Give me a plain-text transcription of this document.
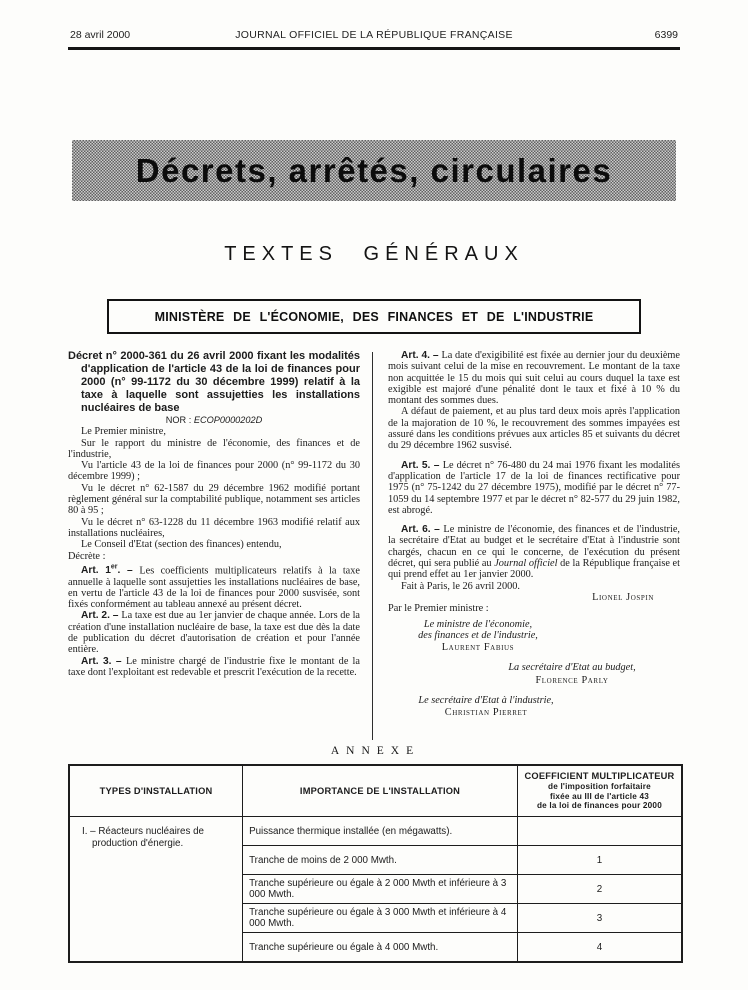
28 avril 2000	JOURNAL OFFICIEL DE LA RÉPUBLIQUE FRANÇAISE	6399
Décrets, arrêtés, circulaires
TEXTES GÉNÉRAUX
MINISTÈRE DE L'ÉCONOMIE, DES FINANCES ET DE L'INDUSTRIE

Décret n° 2000-361 du 26 avril 2000 fixant les modalités d'application de l'article 43 de la loi de finances pour 2000 (n° 99-1172 du 30 décembre 1999) relatif à la taxe à laquelle sont assujetties les installations nucléaires de base

NOR : ECOP0000202D

Le Premier ministre,

Sur le rapport du ministre de l'économie, des finances et de l'industrie,

Vu l'article 43 de la loi de finances pour 2000 (n° 99-1172 du 30 décembre 1999) ;

Vu le décret n° 62-1587 du 29 décembre 1962 modifié portant règlement général sur la comptabilité publique, notamment ses articles 80 à 95 ;

Vu le décret n° 63-1228 du 11 décembre 1963 modifié relatif aux installations nucléaires,

Le Conseil d'Etat (section des finances) entendu,

Décrète :

Art. 1er. – Les coefficients multiplicateurs relatifs à la taxe annuelle à laquelle sont assujetties les installations nucléaires de base, en vertu de l'article 43 de la loi de finances pour 2000 susvisée, sont fixés conformément au tableau annexé au présent décret.

Art. 2. – La taxe est due au 1er janvier de chaque année. Lors de la création d'une installation nucléaire de base, la taxe est due dès la date de publication du décret d'autorisation de création et pour l'année entière.

Art. 3. – Le ministre chargé de l'industrie fixe le montant de la taxe dont l'exploitant est redevable et prescrit l'exécution de la recette.

Art. 4. – La date d'exigibilité est fixée au dernier jour du deuxième mois suivant celui de la mise en recouvrement. Le montant de la taxe non acquittée le 15 du mois qui suit celui au cours duquel la taxe est exigible est majoré d'une pénalité dont le taux et fixé à 10 % du montant des sommes dues.

A défaut de paiement, et au plus tard deux mois après l'application de la majoration de 10 %, le recouvrement des sommes impayées est assuré dans les conditions prévues aux articles 85 et suivants du décret du 29 décembre 1962 susvisé.

Art. 5. – Le décret n° 76-480 du 24 mai 1976 fixant les modalités d'application de l'article 17 de la loi de finances rectificative pour 1975 (n° 75-1242 du 27 décembre 1975), modifié par le décret n° 77-1059 du 14 septembre 1977 et par le décret n° 82-577 du 29 juin 1982, est abrogé.

Art. 6. – Le ministre de l'économie, des finances et de l'industrie, la secrétaire d'Etat au budget et le secrétaire d'Etat à l'industrie sont chargés, chacun en ce qui le concerne, de l'exécution du présent décret, qui sera publié au Journal officiel de la République française et qui prend effet au 1er janvier 2000.

Fait à Paris, le 26 avril 2000.

Lionel Jospin

Par le Premier ministre :

Le ministre de l'économie,
des finances et de l'industrie,
Laurent Fabius
La secrétaire d'Etat au budget,
Florence Parly
Le secrétaire d'Etat à l'industrie,
Christian Pierret
ANNEXE
TYPES D'INSTALLATION	IMPORTANCE DE L'INSTALLATION	COEFFICIENT MULTIPLICATEUR
de l'imposition forfaitaire
fixée au III de l'article 43
de la loi de finances pour 2000

I. – Réacteurs nucléaires de production d'énergie.	Puissance thermique installée (en mégawatts).	
	Tranche de moins de 2 000 Mwth.	1
	Tranche supérieure ou égale à 2 000 Mwth et inférieure à 3 000 Mwth.	2
	Tranche supérieure ou égale à 3 000 Mwth et inférieure à 4 000 Mwth.	3
	Tranche supérieure ou égale à 4 000 Mwth.	4
